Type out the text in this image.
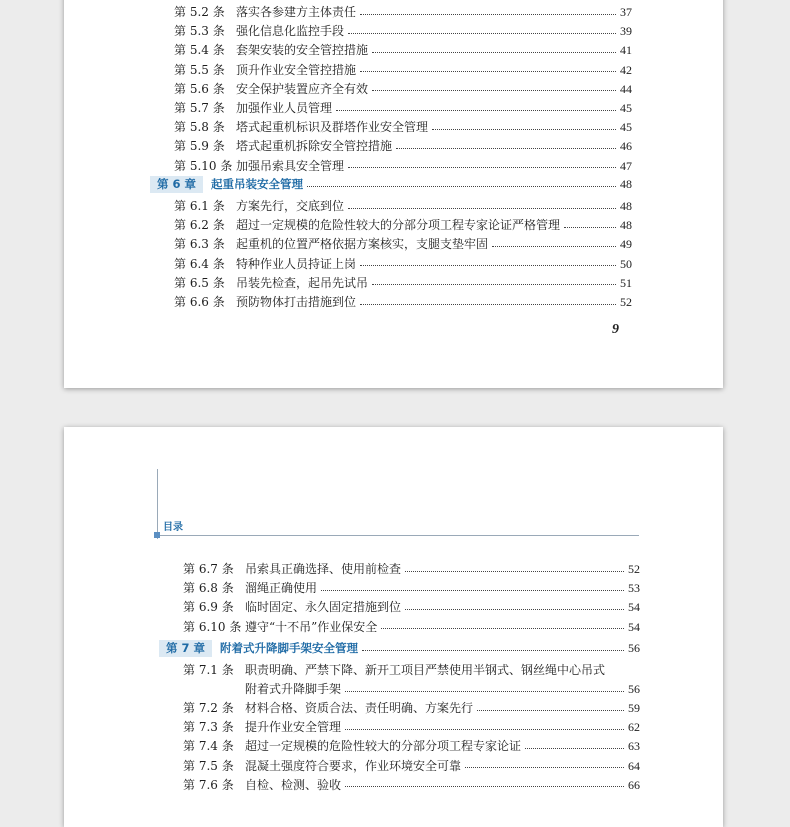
第 5.2 条 落实各参建方主体责任	37
第 5.3 条 强化信息化监控手段	39
第 5.4 条 套架安装的安全管控措施	41
第 5.5 条 顶升作业安全管控措施	42
第 5.6 条 安全保护装置应齐全有效	44
第 5.7 条 加强作业人员管理	45
第 5.8 条 塔式起重机标识及群塔作业安全管理	45
第 5.9 条 塔式起重机拆除安全管控措施	46
第 5.10 条 加强吊索具安全管理	47
第 6 章	起重吊装安全管理	48
第 6.1 条 方案先行，交底到位	48
第 6.2 条 超过一定规模的危险性较大的分部分项工程专家论证严格管理	48
第 6.3 条 起重机的位置严格依据方案核实，支腿支垫牢固	49
第 6.4 条 特种作业人员持证上岗	50
第 6.5 条 吊装先检查，起吊先试吊	51
第 6.6 条 预防物体打击措施到位	52
9
目录
第 6.7 条 吊索具正确选择、使用前检查	52
第 6.8 条 溜绳正确使用	53
第 6.9 条 临时固定、永久固定措施到位	54
第 6.10 条 遵守“十不吊”作业保安全	54
第 7 章	附着式升降脚手架安全管理	56
第 7.1 条 职责明确、严禁下降、新开工项目严禁使用半钢式、钢丝绳中心吊式
附着式升降脚手架	56
第 7.2 条 材料合格、资质合法、责任明确、方案先行	59
第 7.3 条 提升作业安全管理	62
第 7.4 条 超过一定规模的危险性较大的分部分项工程专家论证	63
第 7.5 条 混凝土强度符合要求，作业环境安全可靠	64
第 7.6 条 自检、检测、验收	66
